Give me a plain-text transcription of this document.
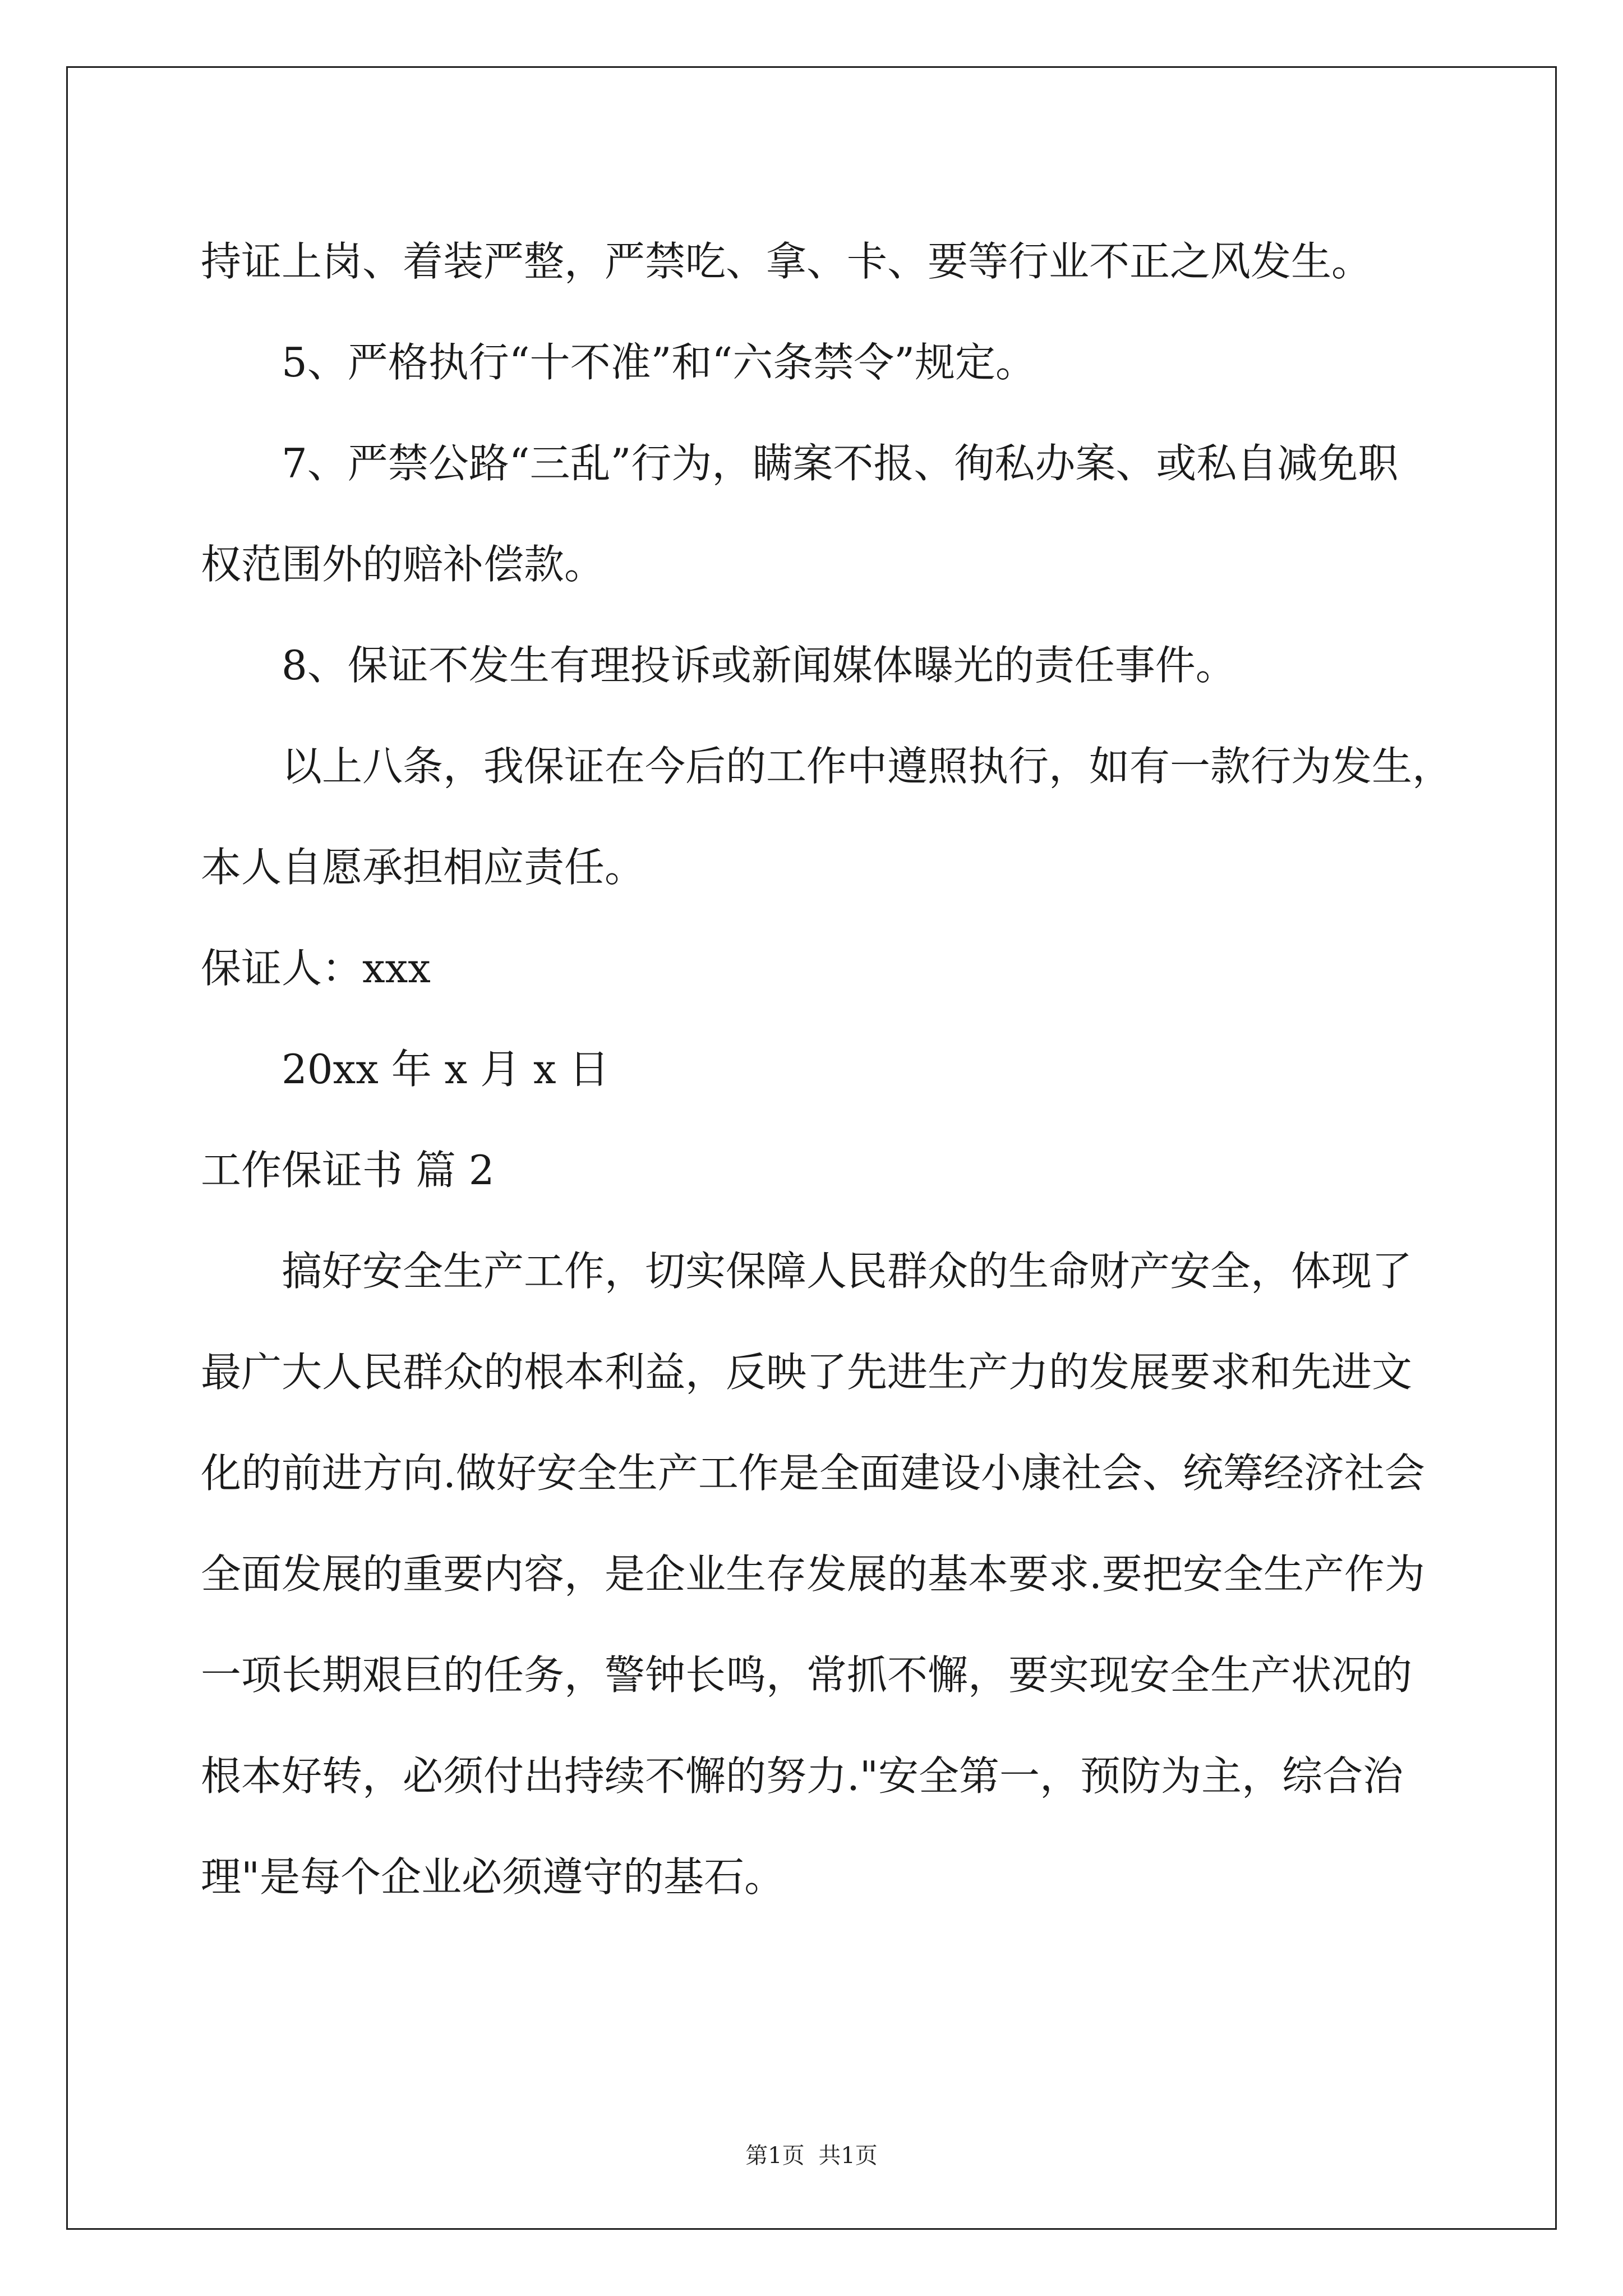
持证上岗、着装严整，严禁吃、拿、卡、要等行业不正之风发生。
5、严格执行“十不准”和“六条禁令”规定。
7、严禁公路“三乱”行为，瞒案不报、徇私办案、或私自减免职
权范围外的赔补偿款。
8、保证不发生有理投诉或新闻媒体曝光的责任事件。
以上八条，我保证在今后的工作中遵照执行，如有一款行为发生，
本人自愿承担相应责任。
保证人：xxx
20xx 年 x 月 x 日
工作保证书 篇 2
搞好安全生产工作，切实保障人民群众的生命财产安全，体现了
最广大人民群众的根本利益，反映了先进生产力的发展要求和先进文
化的前进方向.做好安全生产工作是全面建设小康社会、统筹经济社会
全面发展的重要内容，是企业生存发展的基本要求.要把安全生产作为
一项长期艰巨的任务，警钟长鸣，常抓不懈，要实现安全生产状况的
根本好转，必须付出持续不懈的努力."安全第一，预防为主，综合治
理"是每个企业必须遵守的基石。
第1页 共1页
